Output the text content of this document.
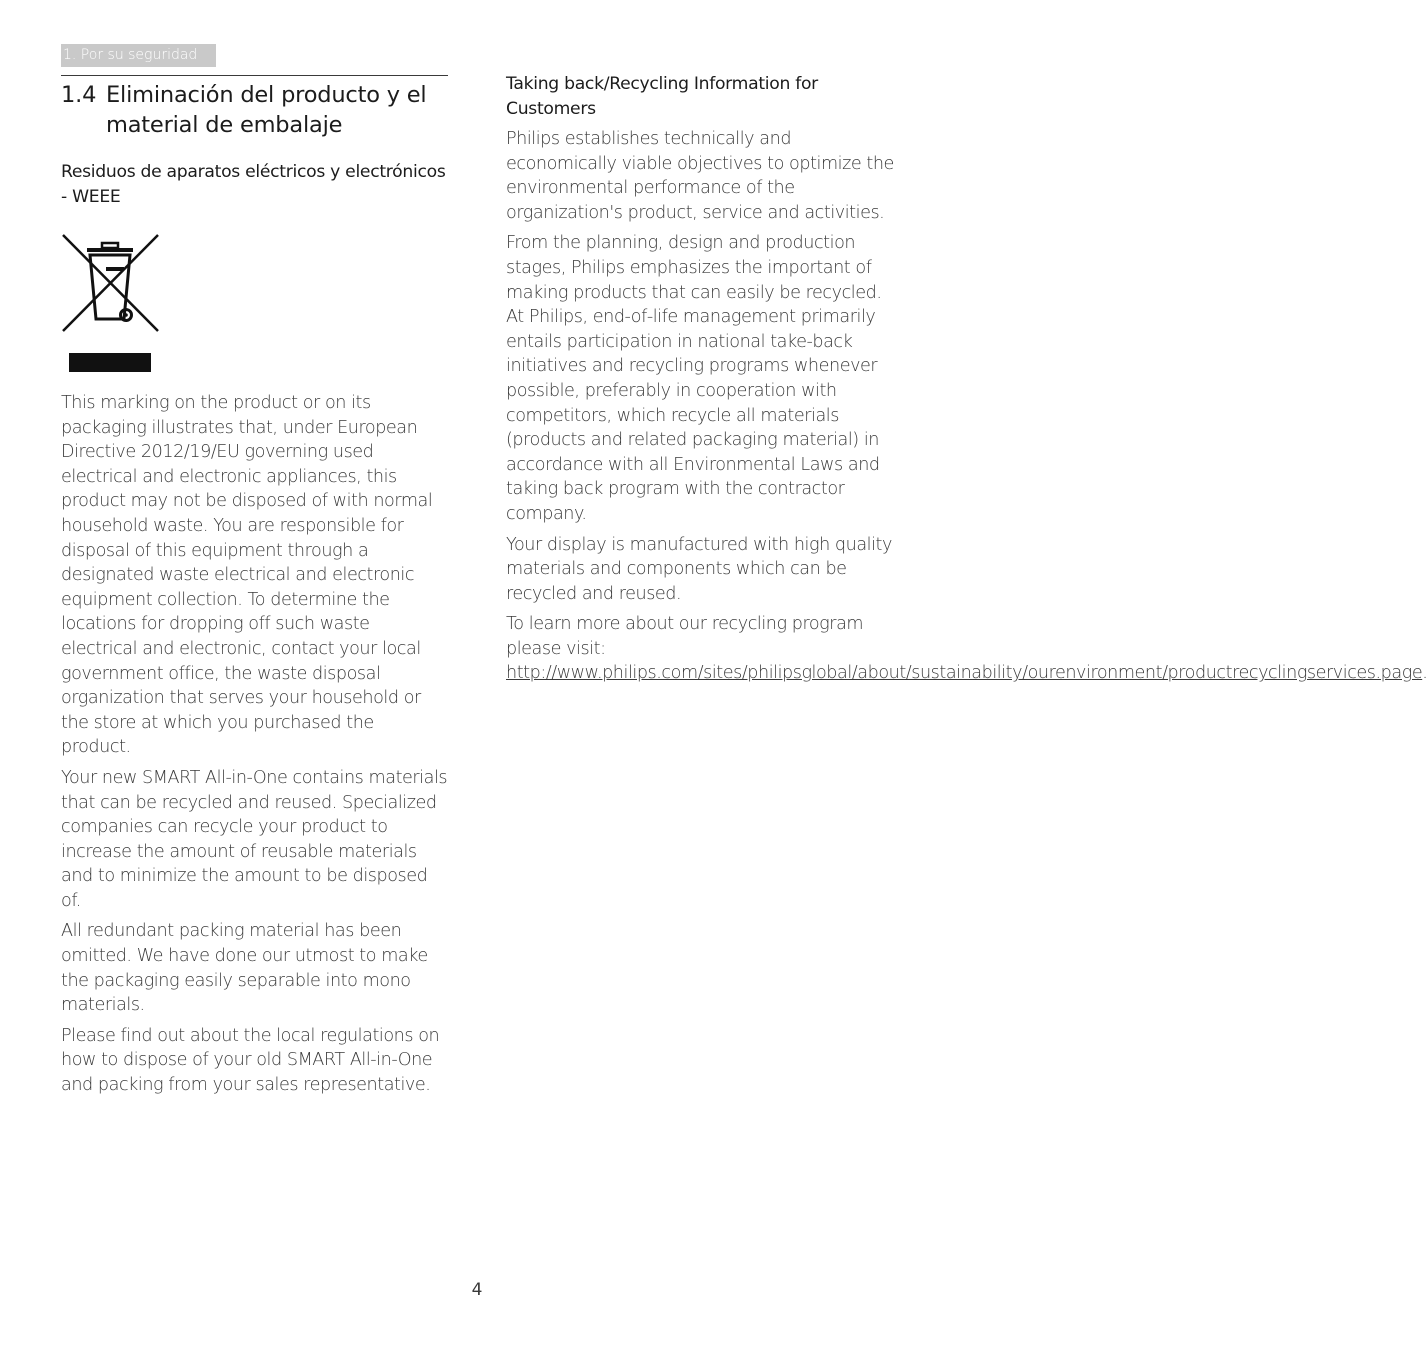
1. Por su seguridad
1.4 Eliminación del producto y el material de embalaje
Residuos de aparatos eléctricos y electrónicos - WEEE

This marking on the product or on its packaging illustrates that, under European Directive 2012/19/EU governing used electrical and electronic appliances, this product may not be disposed of with normal household waste. You are responsible for disposal of this equipment through a designated waste electrical and electronic equipment collection. To determine the locations for dropping off such waste electrical and electronic, contact your local government office, the waste disposal organization that serves your household or the store at which you purchased the product.

Your new SMART All-in-One contains materials that can be recycled and reused. Specialized companies can recycle your product to increase the amount of reusable materials and to minimize the amount to be disposed of.

All redundant packing material has been omitted. We have done our utmost to make the packaging easily separable into mono materials.

Please find out about the local regulations on how to dispose of your old SMART All-in-One and packing from your sales representative.

Taking back/Recycling Information for Customers

Philips establishes technically and economically viable objectives to optimize the environmental performance of the organization's product, service and activities.

From the planning, design and production stages, Philips emphasizes the important of making products that can easily be recycled. At Philips, end-of-life management primarily entails participation in national take-back initiatives and recycling programs whenever possible, preferably in cooperation with competitors, which recycle all materials (products and related packaging material) in accordance with all Environmental Laws and taking back program with the contractor company.

Your display is manufactured with high quality materials and components which can be recycled and reused.

To learn more about our recycling program please visit: http://www.philips.com/sites/philipsglobal/about/sustainability/ourenvironment/productrecyclingservices.page.

4
